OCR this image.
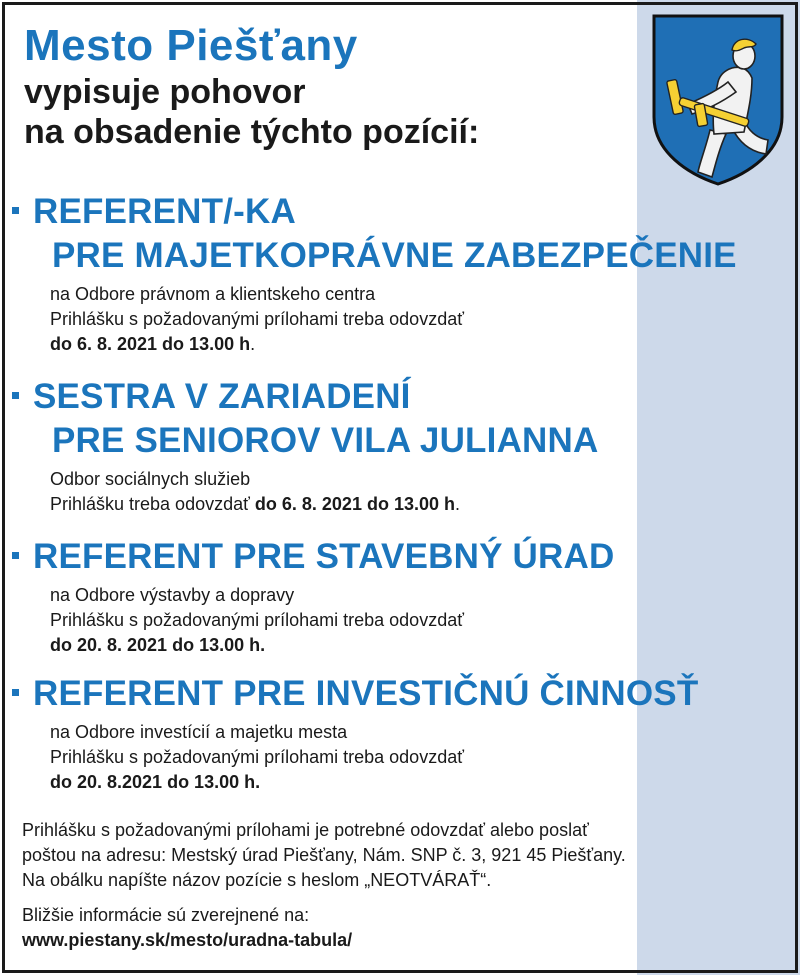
Mesto Piešťany
vypisuje pohovor
na obsadenie týchto pozícií:
REFERENT/-KA
PRE MAJETKOPRÁVNE ZABEZPEČENIE
na Odbore právnom a klientskeho centra
Prihlášku s požadovanými prílohami treba odovzdať
do 6. 8. 2021 do 13.00 h.
SESTRA V ZARIADENÍ
PRE SENIOROV VILA JULIANNA
Odbor sociálnych služieb
Prihlášku treba odovzdať do 6. 8. 2021 do 13.00 h.
REFERENT PRE STAVEBNÝ ÚRAD
na Odbore výstavby a dopravy
Prihlášku s požadovanými prílohami treba odovzdať
do 20. 8. 2021 do 13.00 h.
REFERENT PRE INVESTIČNÚ ČINNOSŤ
na Odbore investícií a majetku mesta
Prihlášku s požadovanými prílohami treba odovzdať
do 20. 8.2021 do 13.00 h.
Prihlášku s požadovanými prílohami je potrebné odovzdať alebo poslať
poštou na adresu: Mestský úrad Piešťany, Nám. SNP č. 3, 921 45 Piešťany.
Na obálku napíšte názov pozície s heslom „NEOTVÁRAŤ“.
Bližšie informácie sú zverejnené na:
www.piestany.sk/mesto/uradna-tabula/
